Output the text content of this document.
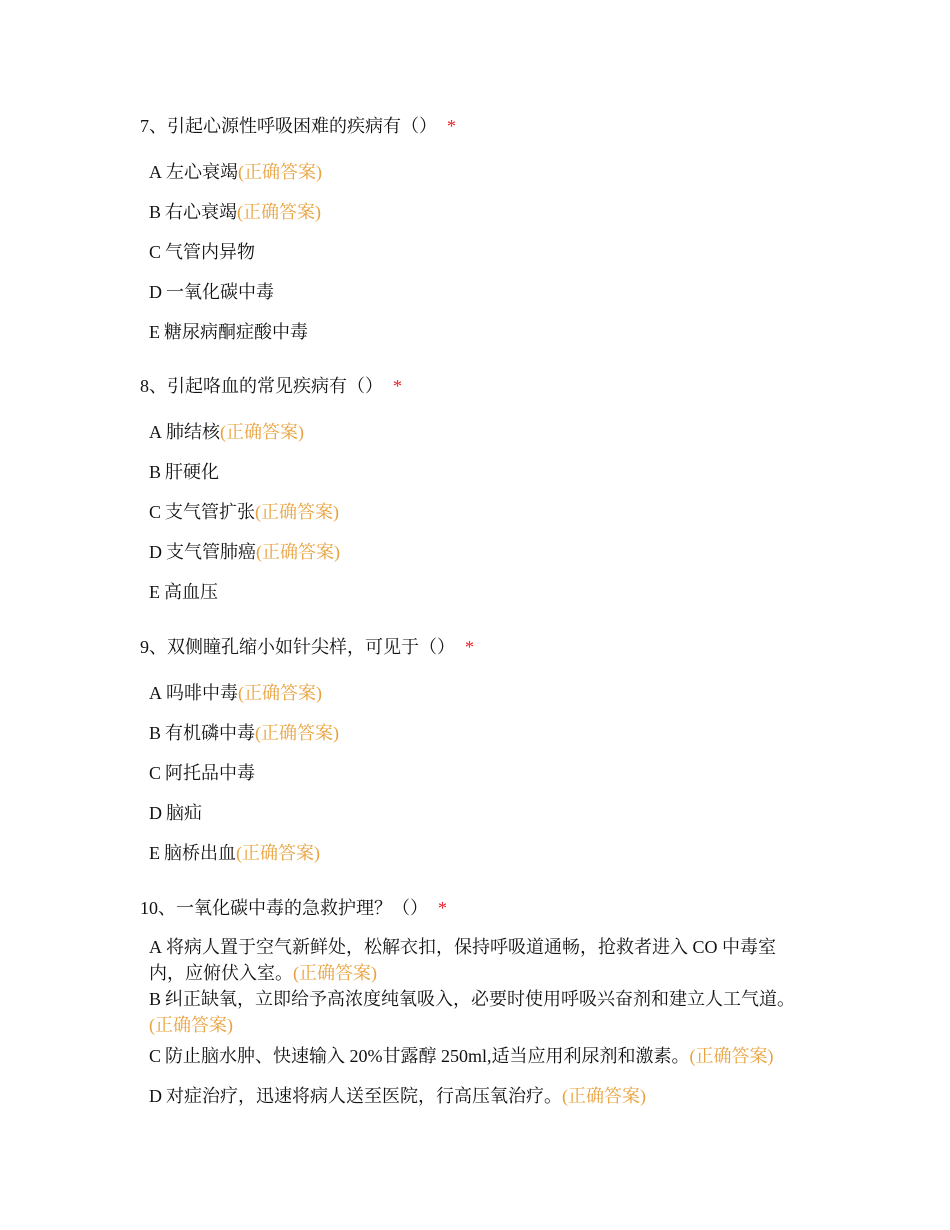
7、引起心源性呼吸困难的疾病有（） *
A 左心衰竭(正确答案)
B 右心衰竭(正确答案)
C 气管内异物
D 一氧化碳中毒
E 糖尿病酮症酸中毒
8、引起咯血的常见疾病有（） *
A 肺结核(正确答案)
B 肝硬化
C 支气管扩张(正确答案)
D 支气管肺癌(正确答案)
E 高血压
9、双侧瞳孔缩小如针尖样，可见于（） *
A 吗啡中毒(正确答案)
B 有机磷中毒(正确答案)
C 阿托品中毒
D 脑疝
E 脑桥出血(正确答案)
10、一氧化碳中毒的急救护理？（） *
A 将病人置于空气新鲜处，松解衣扣，保持呼吸道通畅，抢救者进入 CO 中毒室内，应俯伏入室。(正确答案)
B 纠正缺氧，立即给予高浓度纯氧吸入，必要时使用呼吸兴奋剂和建立人工气道。(正确答案)
C 防止脑水肿、快速输入 20%甘露醇 250ml,适当应用利尿剂和激素。(正确答案)
D 对症治疗，迅速将病人送至医院，行高压氧治疗。(正确答案)
